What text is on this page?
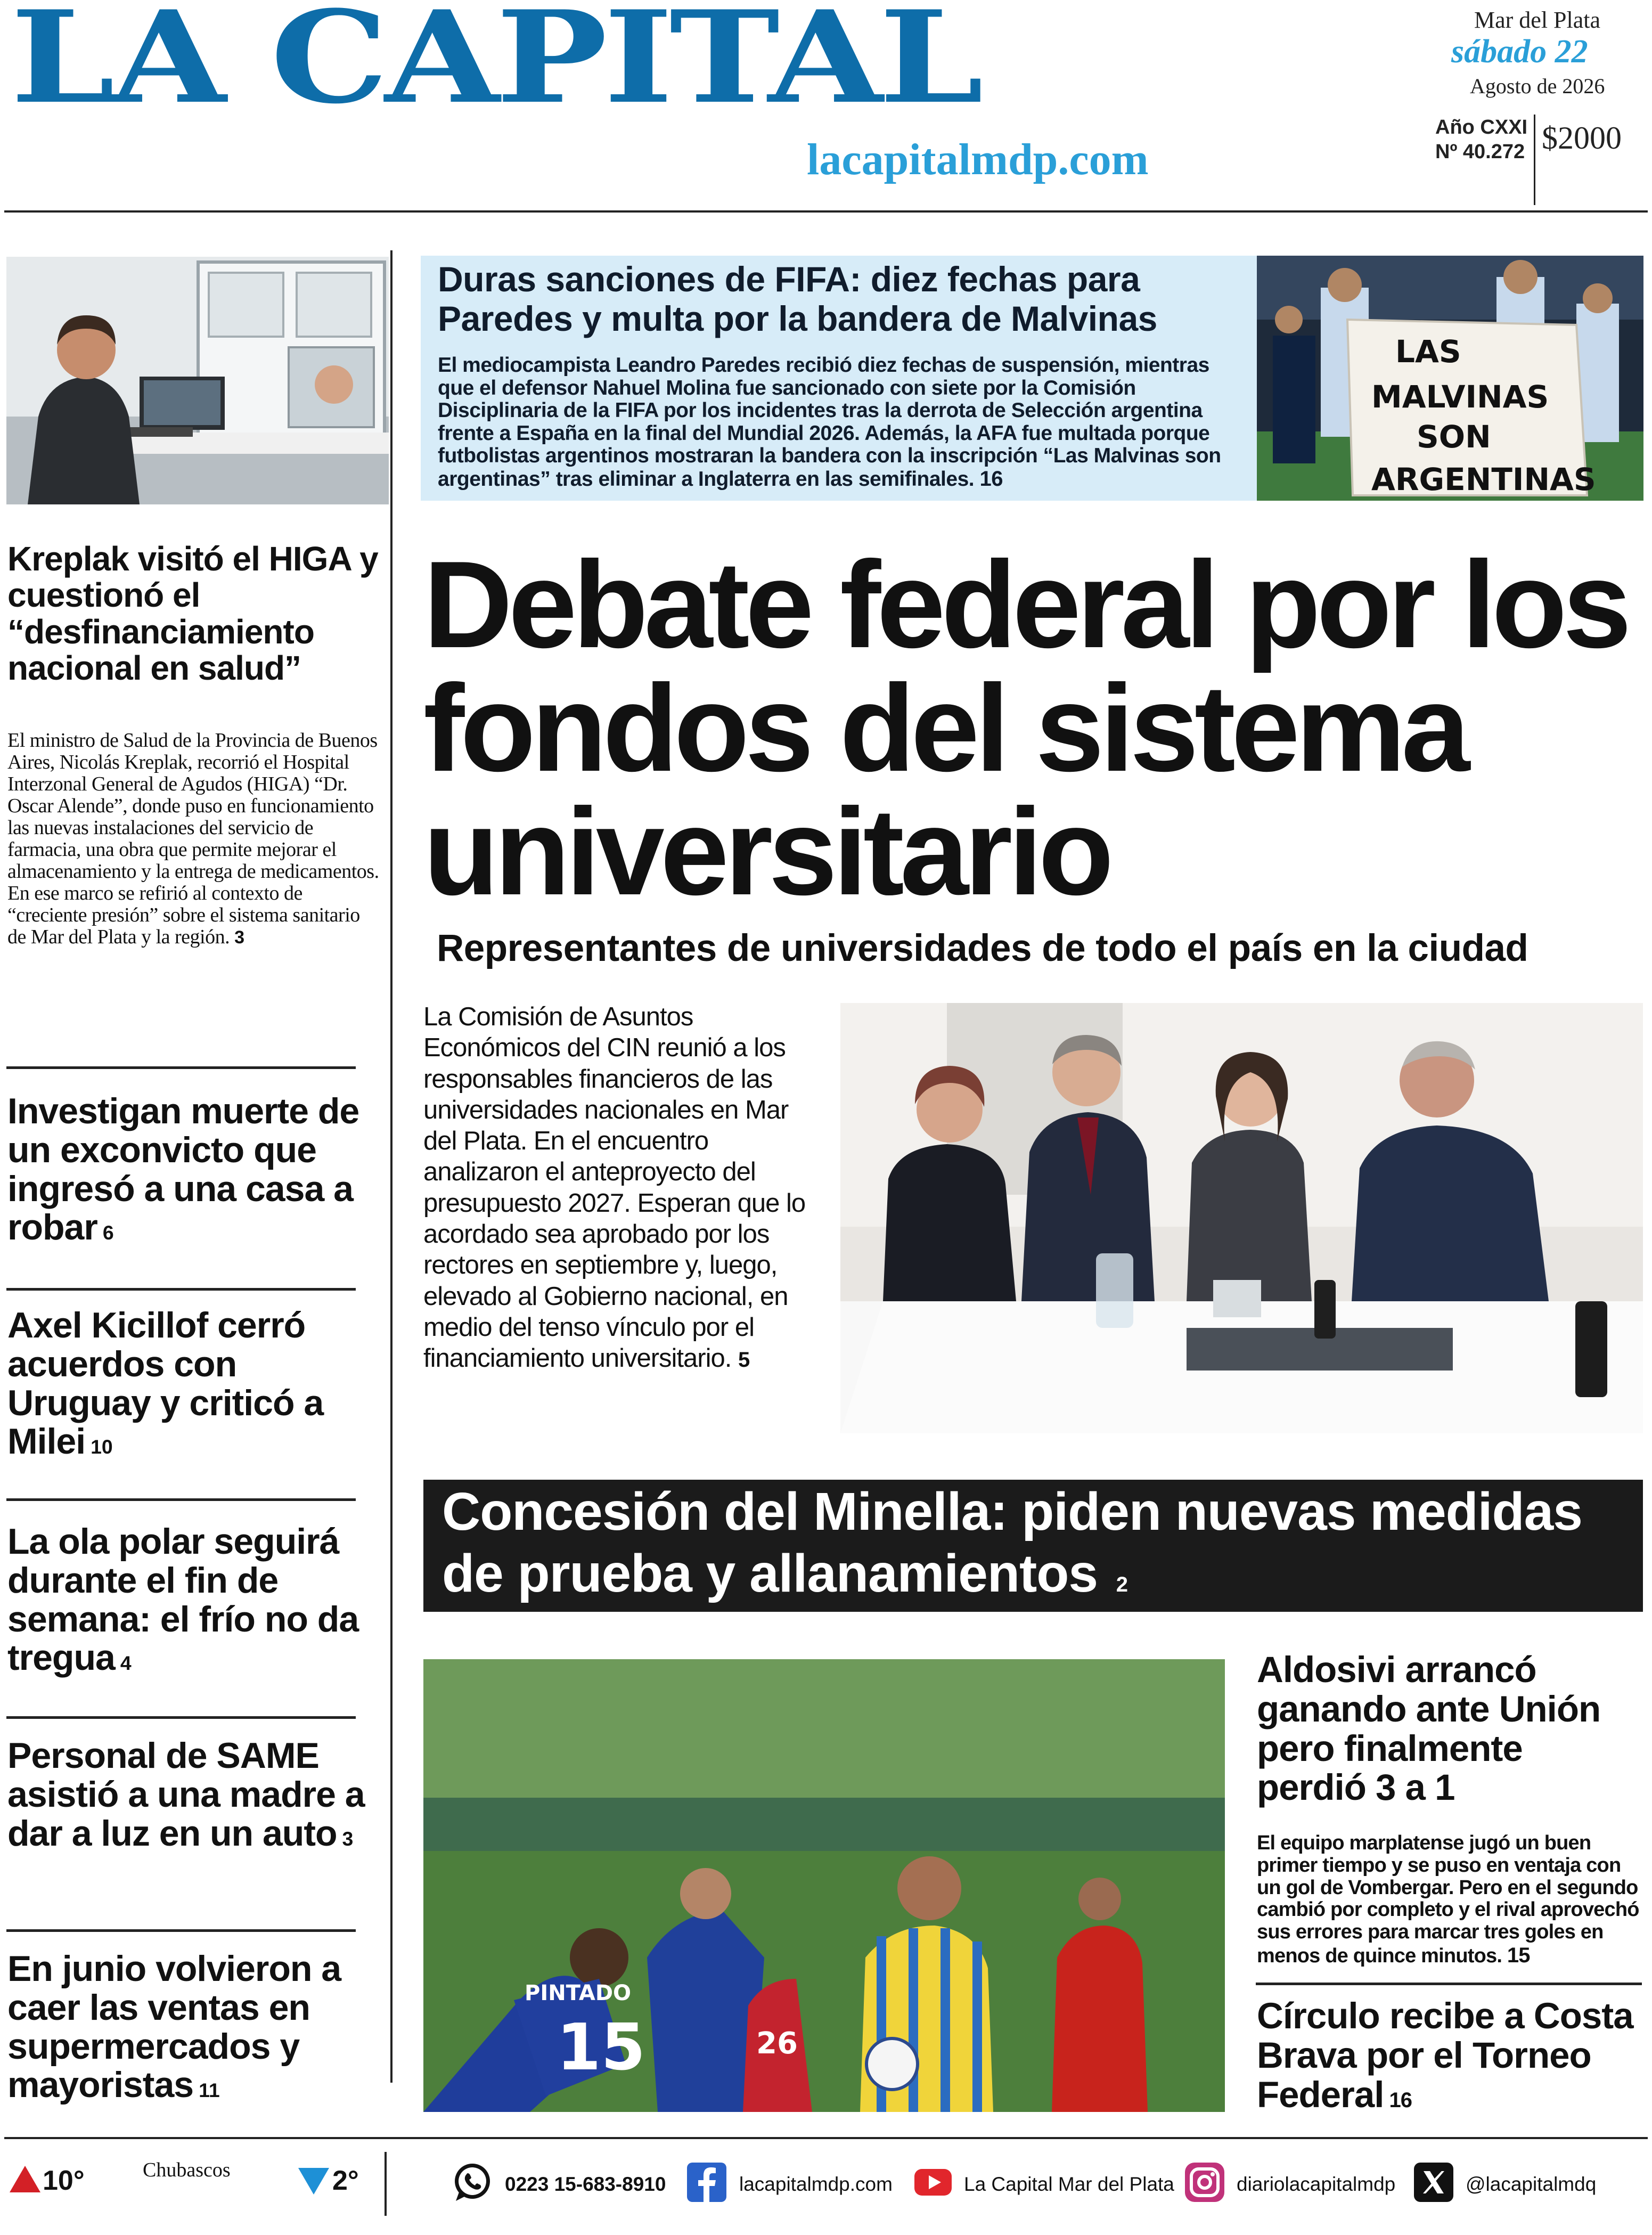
LA CAPITAL
lacapitalmdp.com
Mar del Plata
sábado 22
Agosto de 2026
Año CXXI
Nº 40.272 $2000
Kreplak visitó el HIGA y cuestionó el “desfinanciamiento nacional en salud”
El ministro de Salud de la Provincia de Buenos Aires, Nicolás Kreplak, recorrió el Hospital Interzonal General de Agudos (HIGA) “Dr. Oscar Alende”, donde puso en funcionamiento las nuevas instalaciones del servicio de farmacia, una obra que permite mejorar el almacenamiento y la entrega de medicamentos. En ese marco se refirió al contexto de “creciente presión” sobre el sistema sanitario de Mar del Plata y la región. 3
Investigan muerte de un exconvicto que ingresó a una casa a robar 6
Axel Kicillof cerró acuerdos con Uruguay y criticó a Milei 10
La ola polar seguirá durante el fin de semana: el frío no da tregua 4
Personal de SAME asistió a una madre a dar a luz en un auto 3
En junio volvieron a caer las ventas en supermercados y mayoristas 11
Duras sanciones de FIFA: diez fechas para Paredes y multa por la bandera de Malvinas
El mediocampista Leandro Paredes recibió diez fechas de suspensión, mientras que el defensor Nahuel Molina fue sancionado con siete por la Comisión Disciplinaria de la FIFA por los incidentes tras la derrota de Selección argentina frente a España en la final del Mundial 2026. Además, la AFA fue multada porque futbolistas argentinos mostraran la bandera con la inscripción “Las Malvinas son argentinas” tras eliminar a Inglaterra en las semifinales. 16
LAS
MALVINAS
SON
ARGENTINAS
Debate federal por los fondos del sistema universitario
Representantes de universidades de todo el país en la ciudad
La Comisión de Asuntos Económicos del CIN reunió a los responsables financieros de las universidades nacionales en Mar del Plata. En el encuentro analizaron el anteproyecto del presupuesto 2027. Esperan que lo acordado sea aprobado por los rectores en septiembre y, luego, elevado al Gobierno nacional, en medio del tenso vínculo por el financiamiento universitario. 5
Concesión del Minella: piden nuevas medidas de prueba y allanamientos 2
15
PINTADO
26
Aldosivi arrancó ganando ante Unión pero finalmente perdió 3 a 1
El equipo marplatense jugó un buen primer tiempo y se puso en ventaja con un gol de Vombergar. Pero en el segundo cambió por completo y el rival aprovechó sus errores para marcar tres goles en menos de quince minutos. 15
Círculo recibe a Costa Brava por el Torneo Federal 16
10°	Chubascos	2°	0223 15-683-8910	lacapitalmdp.com	La Capital Mar del Plata	diariolacapitalmdp	@lacapitalmdq
